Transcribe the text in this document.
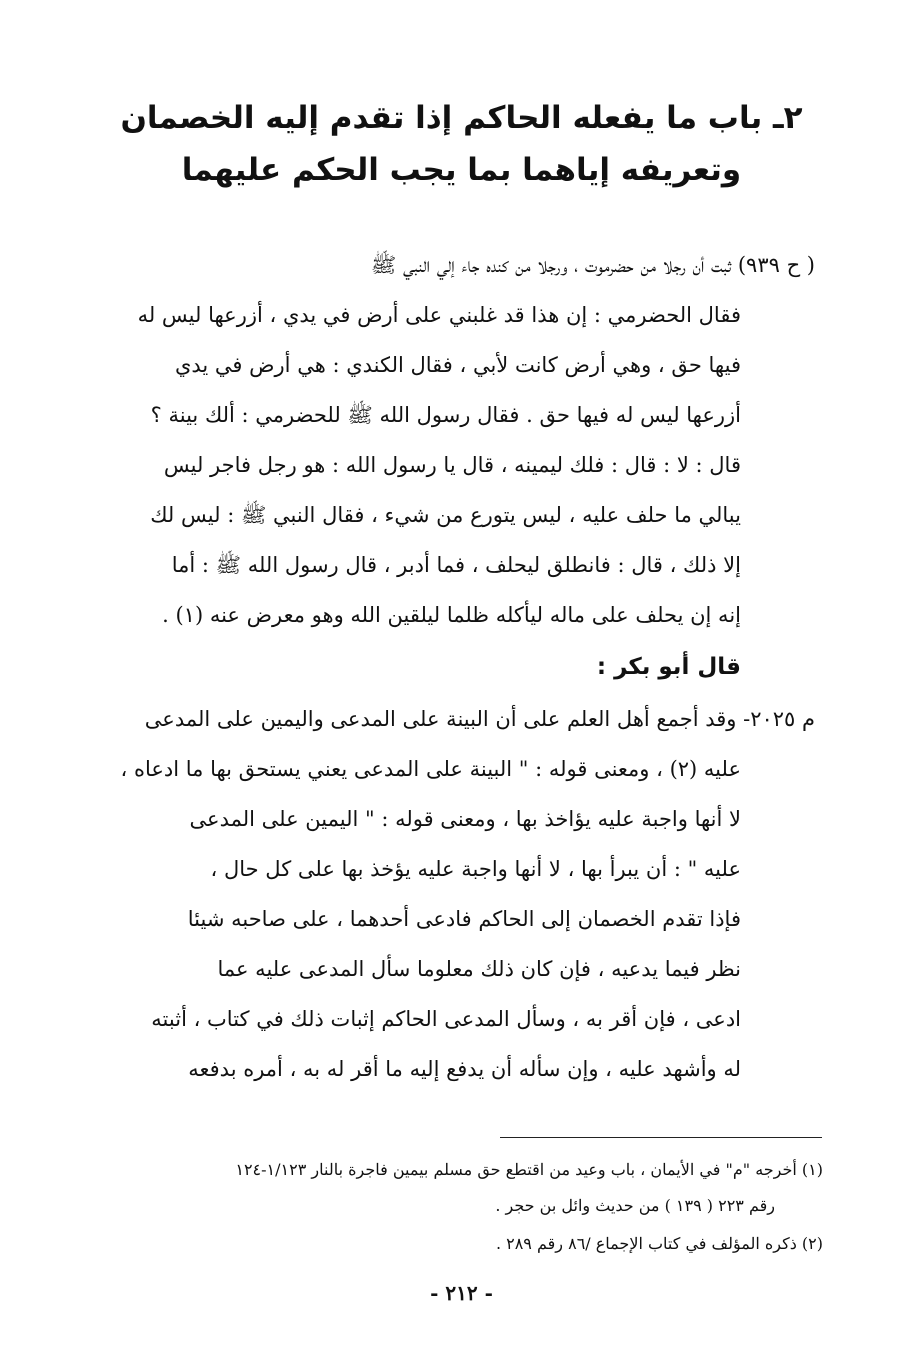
٢ـ باب ما يفعله الحاكم إذا تقدم إليه الخصمان
وتعريفه إياهما بما يجب الحكم عليهما
( ح ٩٣٩) ثبت أن رجلا من حضرموت ، ورجلا من كنده جاء إلي النبي ﷺ
فقال الحضرمي : إن هذا قد غلبني على أرض في يدي ، أزرعها ليس له
فيها حق ، وهي أرض كانت لأبي ، فقال الكندي : هي أرض في يدي
أزرعها ليس له فيها حق . فقال رسول الله ﷺ للحضرمي : ألك بينة ؟
قال : لا : قال : فلك ليمينه ، قال يا رسول الله : هو رجل فاجر ليس
يبالي ما حلف عليه ، ليس يتورع من شيء ، فقال النبي ﷺ : ليس لك
إلا ذلك ، قال : فانطلق ليحلف ، فما أدبر ، قال رسول الله ﷺ : أما
إنه إن يحلف على ماله ليأكله ظلما ليلقين الله وهو معرض عنه (١) .
قال أبو بكر :
م ٢٠٢٥- وقد أجمع أهل العلم على أن البينة على المدعى واليمين على المدعى
عليه (٢) ، ومعنى قوله : " البينة على المدعى يعني يستحق بها ما ادعاه ،
لا أنها واجبة عليه يؤاخذ بها ، ومعنى قوله : " اليمين على المدعى
عليه " : أن يبرأ بها ، لا أنها واجبة عليه يؤخذ بها على كل حال ،
فإذا تقدم الخصمان إلى الحاكم فادعى أحدهما ، على صاحبه شيئا
نظر فيما يدعيه ، فإن كان ذلك معلوما سأل المدعى عليه عما
ادعى ، فإن أقر به ، وسأل المدعى الحاكم إثبات ذلك في كتاب ، أثبته
له وأشهد عليه ، وإن سأله أن يدفع إليه ما أقر له به ، أمره بدفعه
(١) أخرجه "م" في الأيمان ، باب وعيد من اقتطع حق مسلم بيمين فاجرة بالنار ١/١٢٣-١٢٤
رقم ٢٢٣ ( ١٣٩ ) من حديث وائل بن حجر .
(٢) ذكره المؤلف في كتاب الإجماع /٨٦ رقم ٢٨٩ .
- ٢١٢ -
